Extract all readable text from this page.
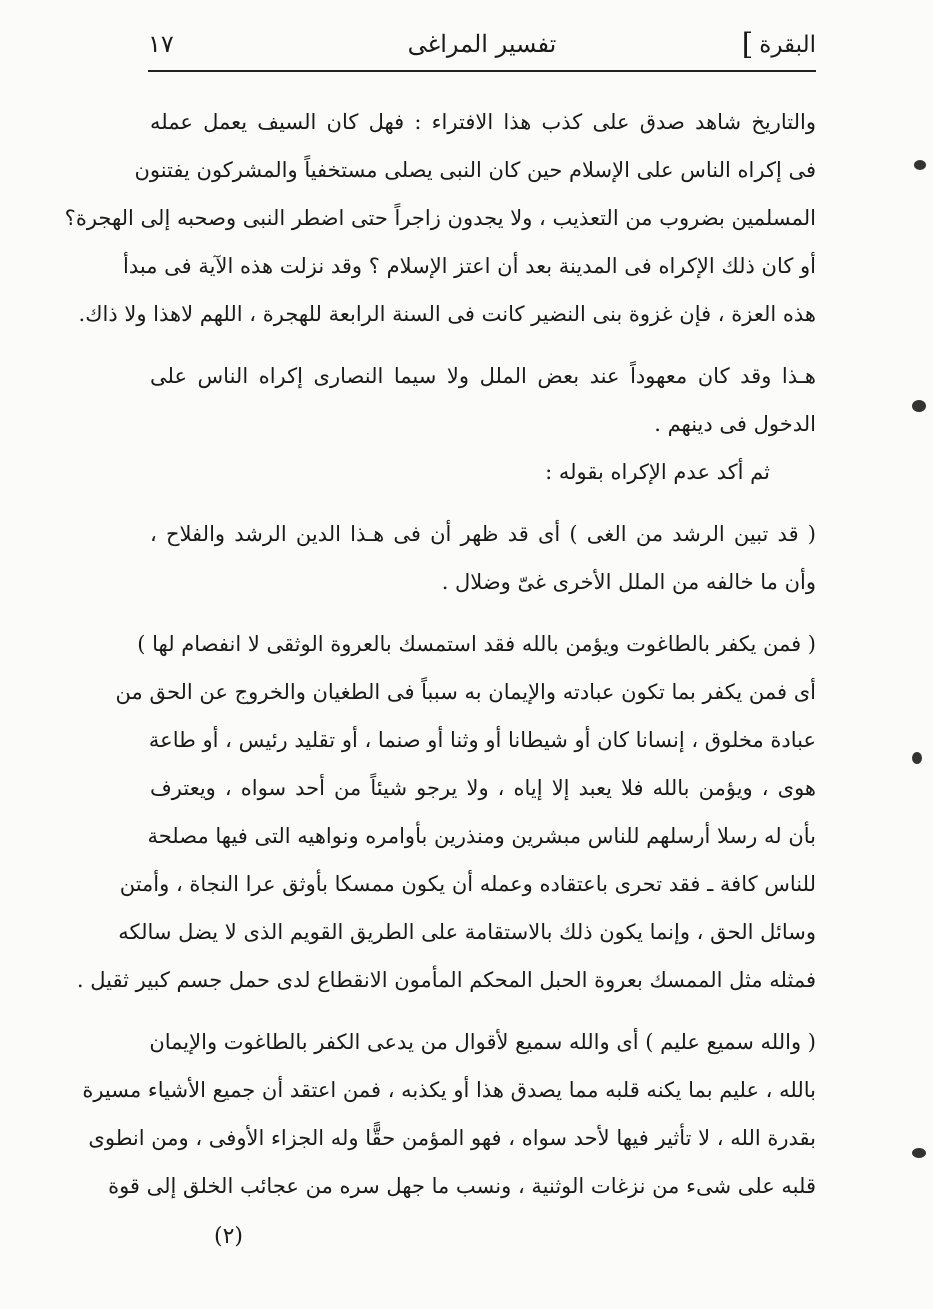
البقرة
]
تفسير المراغى
١٧
والتاريخ شاهد صدق على كذب هذا الافتراء : فهل كان السيف يعمل عمله
فى إكراه الناس على الإسلام حين كان النبى يصلى مستخفياً والمشركون يفتنون
المسلمين بضروب من التعذيب ، ولا يجدون زاجراً حتى اضطر النبى وصحبه إلى الهجرة؟
أو كان ذلك الإكراه فى المدينة بعد أن اعتز الإسلام ؟ وقد نزلت هذه الآية فى مبدأ
هذه العزة ، فإن غزوة بنى النضير كانت فى السنة الرابعة للهجرة ، اللهم لاهذا ولا ذاك.
هـذا وقد كان معهوداً عند بعض الملل ولا سيما النصارى إكراه الناس على
الدخول فى دينهم .
ثم أكد عدم الإكراه بقوله :
( قد تبين الرشد من الغى ) أى قد ظهر أن فى هـذا الدين الرشد والفلاح ،
وأن ما خالفه من الملل الأخرى غىّ وضلال .
( فمن يكفر بالطاغوت ويؤمن بالله فقد استمسك بالعروة الوثقى لا انفصام لها )
أى فمن يكفر بما تكون عبادته والإيمان به سبباً فى الطغيان والخروج عن الحق من
عبادة مخلوق ، إنسانا كان أو شيطانا أو وثنا أو صنما ، أو تقليد رئيس ، أو طاعة
هوى ، ويؤمن بالله فلا يعبد إلا إياه ، ولا يرجو شيئاً من أحد سواه ، ويعترف
بأن له رسلا أرسلهم للناس مبشرين ومنذرين بأوامره ونواهيه التى فيها مصلحة
للناس كافة ـ فقد تحرى باعتقاده وعمله أن يكون ممسكا بأوثق عرا النجاة ، وأمتن
وسائل الحق ، وإنما يكون ذلك بالاستقامة على الطريق القويم الذى لا يضل سالكه
فمثله مثل الممسك بعروة الحبل المحكم المأمون الانقطاع لدى حمل جسم كبير ثقيل .
( والله سميع عليم ) أى والله سميع لأقوال من يدعى الكفر بالطاغوت والإيمان
بالله ، عليم بما يكنه قلبه مما يصدق هذا أو يكذبه ، فمن اعتقد أن جميع الأشياء مسيرة
بقدرة الله ، لا تأثير فيها لأحد سواه ، فهو المؤمن حقًّا وله الجزاء الأوفى ، ومن انطوى
قلبه على شىء من نزغات الوثنية ، ونسب ما جهل سره من عجائب الخلق إلى قوة
(٢)
